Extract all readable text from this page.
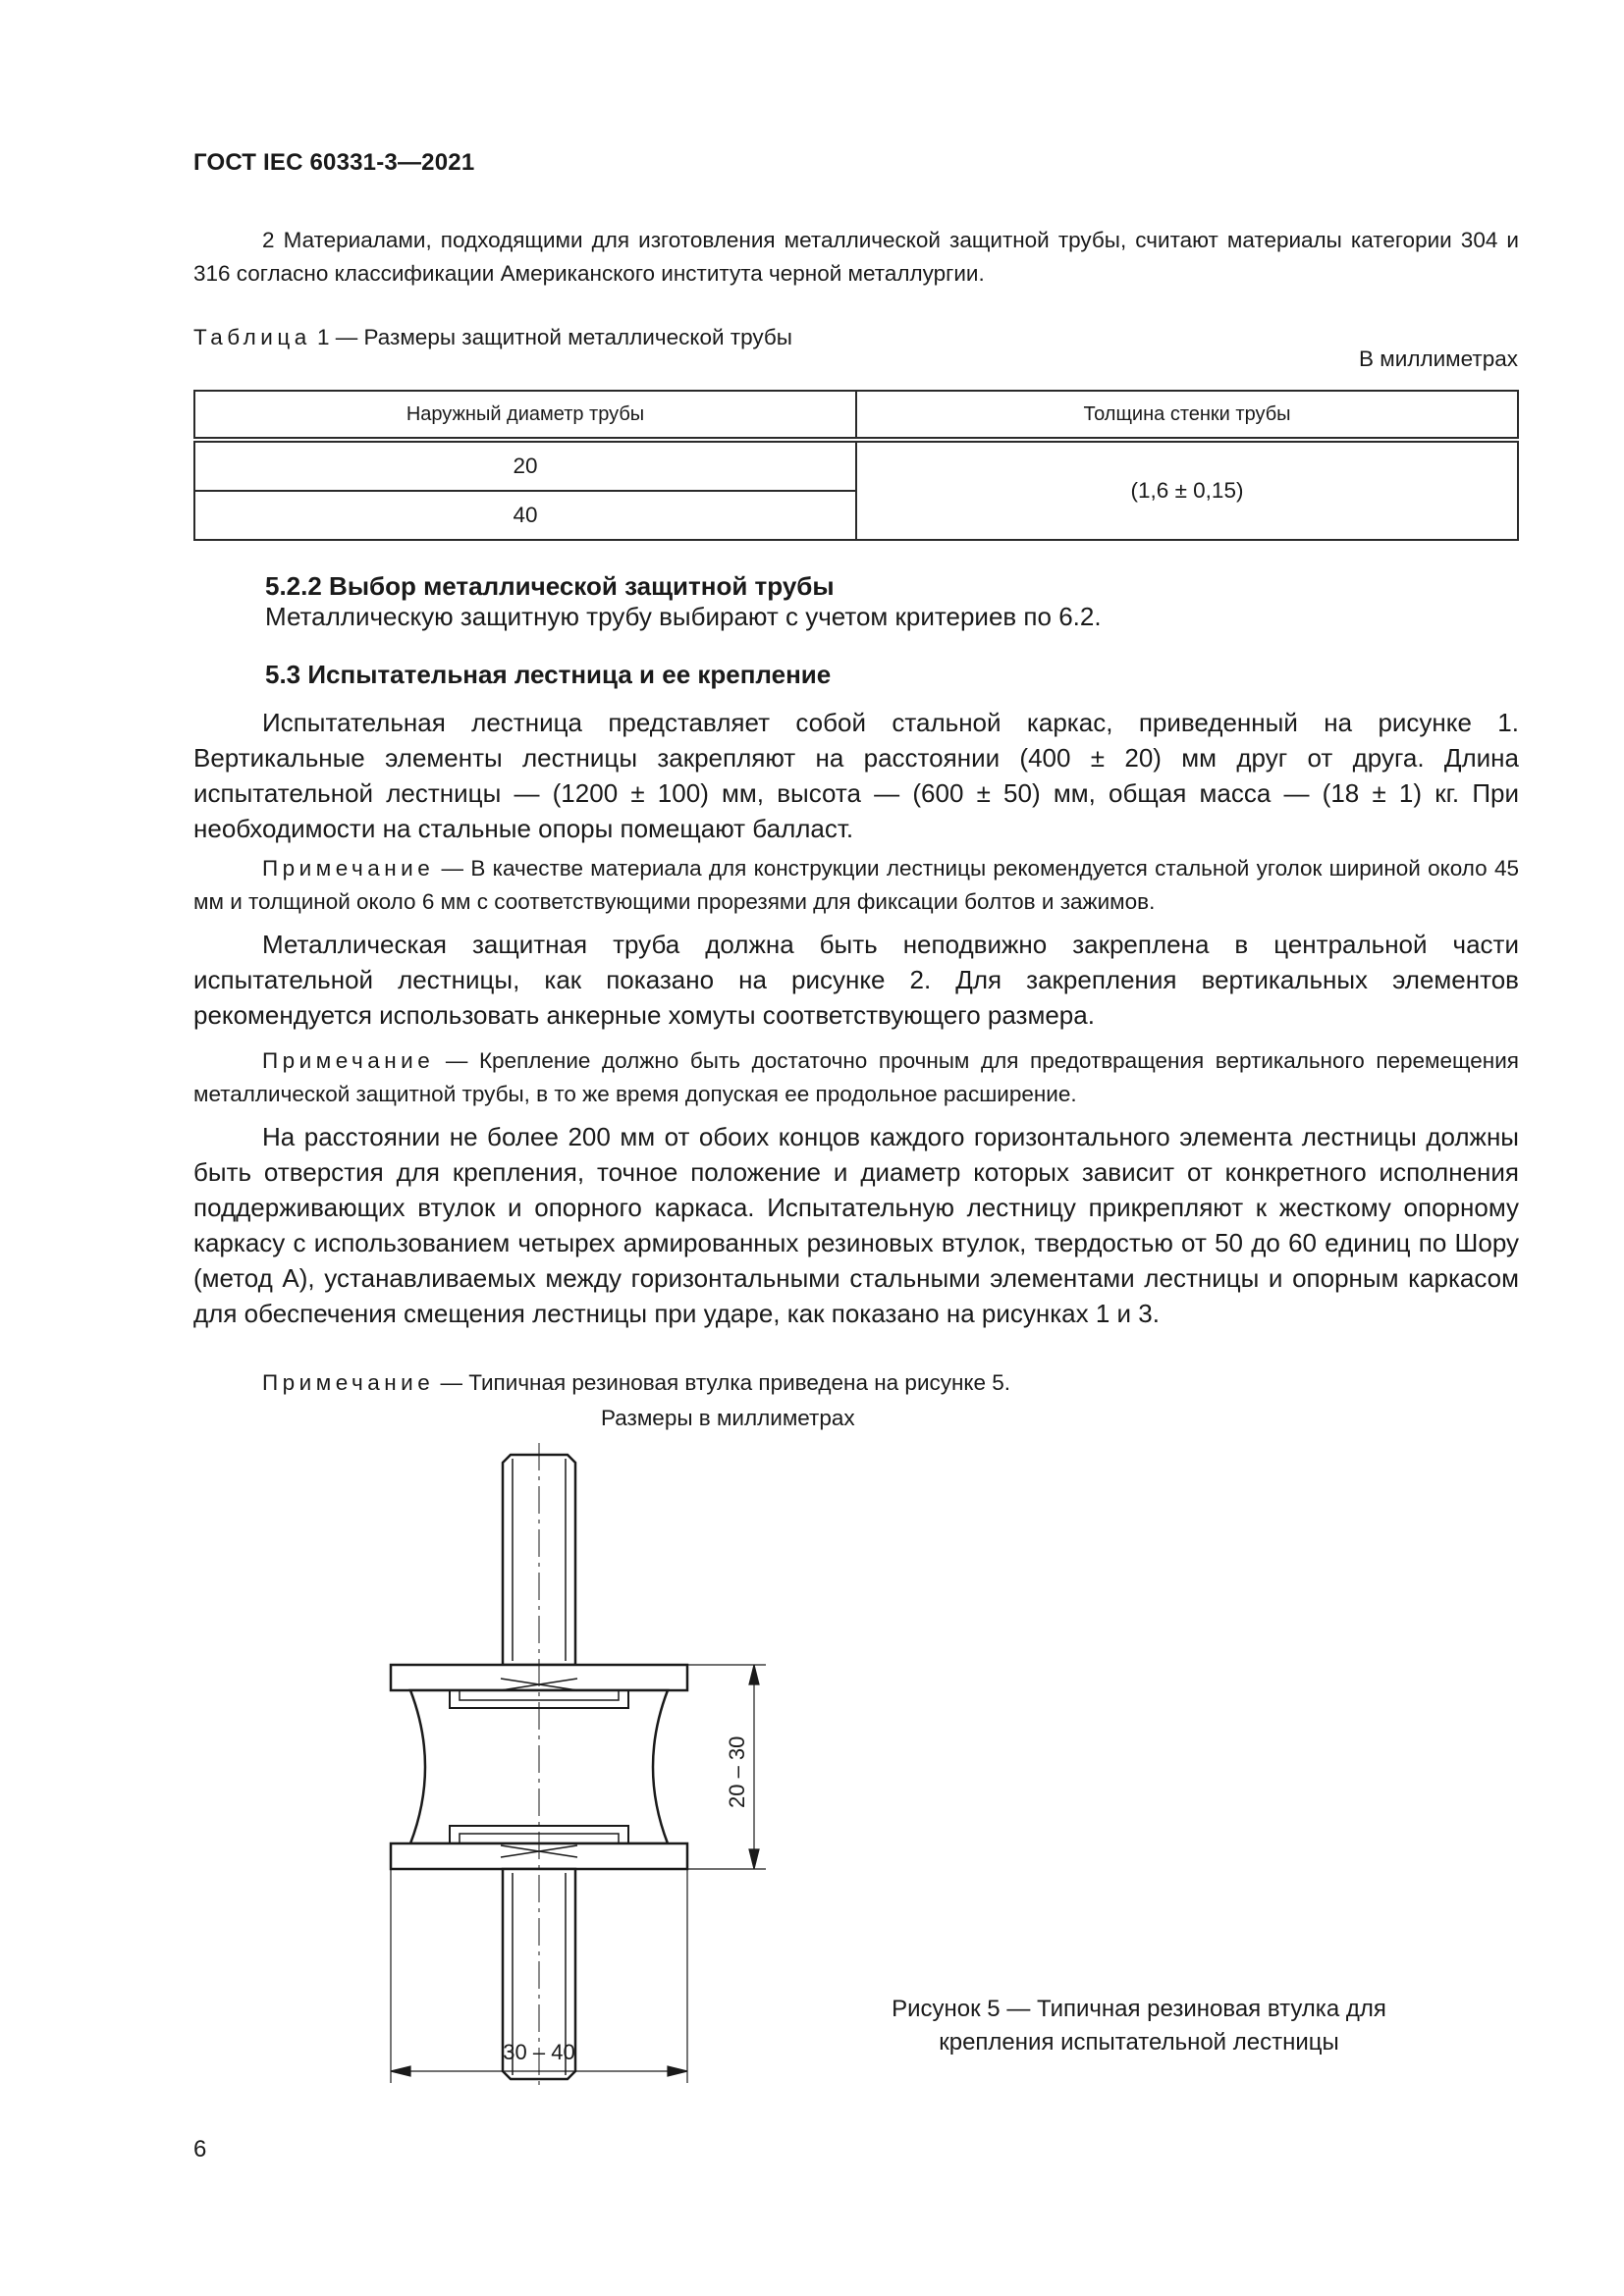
ГОСТ IEC 60331-3—2021
2 Материалами, подходящими для изготовления металлической защитной трубы, считают материалы категории 304 и 316 согласно классификации Американского института черной металлургии.
Таблица 1 — Размеры защитной металлической трубы
В миллиметрах
Наружный диаметр трубы	Толщина стенки трубы
20	(1,6 ± 0,15)
40	
5.2.2 Выбор металлической защитной трубы
Металлическую защитную трубу выбирают с учетом критериев по 6.2.
5.3 Испытательная лестница и ее крепление
Испытательная лестница представляет собой стальной каркас, приведенный на рисунке 1. Вертикальные элементы лестницы закрепляют на расстоянии (400 ± 20) мм друг от друга. Длина испытательной лестницы — (1200 ± 100) мм, высота — (600 ± 50) мм, общая масса — (18 ± 1) кг. При необходимости на стальные опоры помещают балласт.
Примечание — В качестве материала для конструкции лестницы рекомендуется стальной уголок шириной около 45 мм и толщиной около 6 мм с соответствующими прорезями для фиксации болтов и зажимов.
Металлическая защитная труба должна быть неподвижно закреплена в центральной части испытательной лестницы, как показано на рисунке 2. Для закрепления вертикальных элементов рекомендуется использовать анкерные хомуты соответствующего размера.
Примечание — Крепление должно быть достаточно прочным для предотвращения вертикального перемещения металлической защитной трубы, в то же время допуская ее продольное расширение.
На расстоянии не более 200 мм от обоих концов каждого горизонтального элемента лестницы должны быть отверстия для крепления, точное положение и диаметр которых зависит от конкретного исполнения поддерживающих втулок и опорного каркаса. Испытательную лестницу прикрепляют к жесткому опорному каркасу с использованием четырех армированных резиновых втулок, твердостью от 50 до 60 единиц по Шору (метод А), устанавливаемых между горизонтальными стальными элементами лестницы и опорным каркасом для обеспечения смещения лестницы при ударе, как показано на рисунках 1 и 3.
Примечание — Типичная резиновая втулка приведена на рисунке 5.
Размеры в миллиметрах
20 – 30
30 – 40
Рисунок 5 — Типичная резиновая втулка для крепления испытательной лестницы
6
